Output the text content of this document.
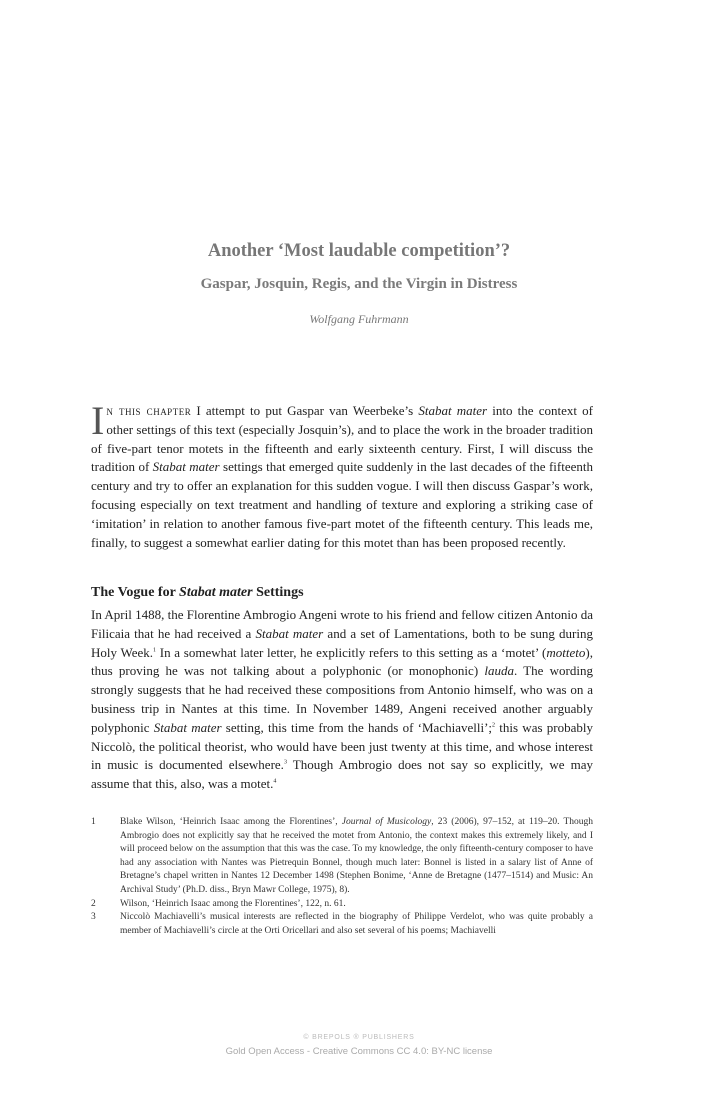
Another ‘Most laudable competition’?
Gaspar, Josquin, Regis, and the Virgin in Distress
Wolfgang Fuhrmann
In this chapter I attempt to put Gaspar van Weerbeke’s Stabat mater into the context of other settings of this text (especially Josquin’s), and to place the work in the broader tradition of five-part tenor motets in the fifteenth and early sixteenth century. First, I will discuss the tradition of Stabat mater settings that emerged quite suddenly in the last decades of the fifteenth century and try to offer an explanation for this sudden vogue. I will then discuss Gaspar’s work, focusing especially on text treatment and handling of texture and exploring a striking case of ‘imitation’ in relation to another famous five-part motet of the fifteenth century. This leads me, finally, to suggest a somewhat earlier dating for this motet than has been proposed recently.
The Vogue for Stabat mater Settings
In April 1488, the Florentine Ambrogio Angeni wrote to his friend and fellow citizen Antonio da Filicaia that he had received a Stabat mater and a set of Lamentations, both to be sung during Holy Week.$^1$ In a somewhat later letter, he explicitly refers to this setting as a ‘motet’ (motteto), thus proving he was not talking about a polyphonic (or monophonic) lauda. The wording strongly suggests that he had received these compositions from Antonio himself, who was on a business trip in Nantes at this time. In November 1489, Angeni received another arguably polyphonic Stabat mater setting, this time from the hands of ‘Machiavelli’;$^2$ this was probably Niccolò, the political theorist, who would have been just twenty at this time, and whose interest in music is documented elsewhere.$^3$ Though Ambrogio does not say so explicitly, we may assume that this, also, was a motet.$^4$
1	Blake Wilson, ‘Heinrich Isaac among the Florentines’, Journal of Musicology, 23 (2006), 97–152, at 119–20. Though Ambrogio does not explicitly say that he received the motet from Antonio, the context makes this extremely likely, and I will proceed below on the assumption that this was the case. To my knowledge, the only fifteenth-century composer to have had any association with Nantes was Pietrequin Bonnel, though much later: Bonnel is listed in a salary list of Anne of Bretagne’s chapel written in Nantes 12 December 1498 (Stephen Bonime, ‘Anne de Bretagne (1477–1514) and Music: An Archival Study’ (Ph.D. diss., Bryn Mawr College, 1975), 8).
2	Wilson, ‘Heinrich Isaac among the Florentines’, 122, n. 61.
3	Niccolò Machiavelli’s musical interests are reflected in the biography of Philippe Verdelot, who was quite probably a member of Machiavelli’s circle at the Orti Oricellari and also set several of his poems; Machiavelli
© BREPOLS ® PUBLISHERS
Gold Open Access - Creative Commons CC 4.0: BY-NC license
